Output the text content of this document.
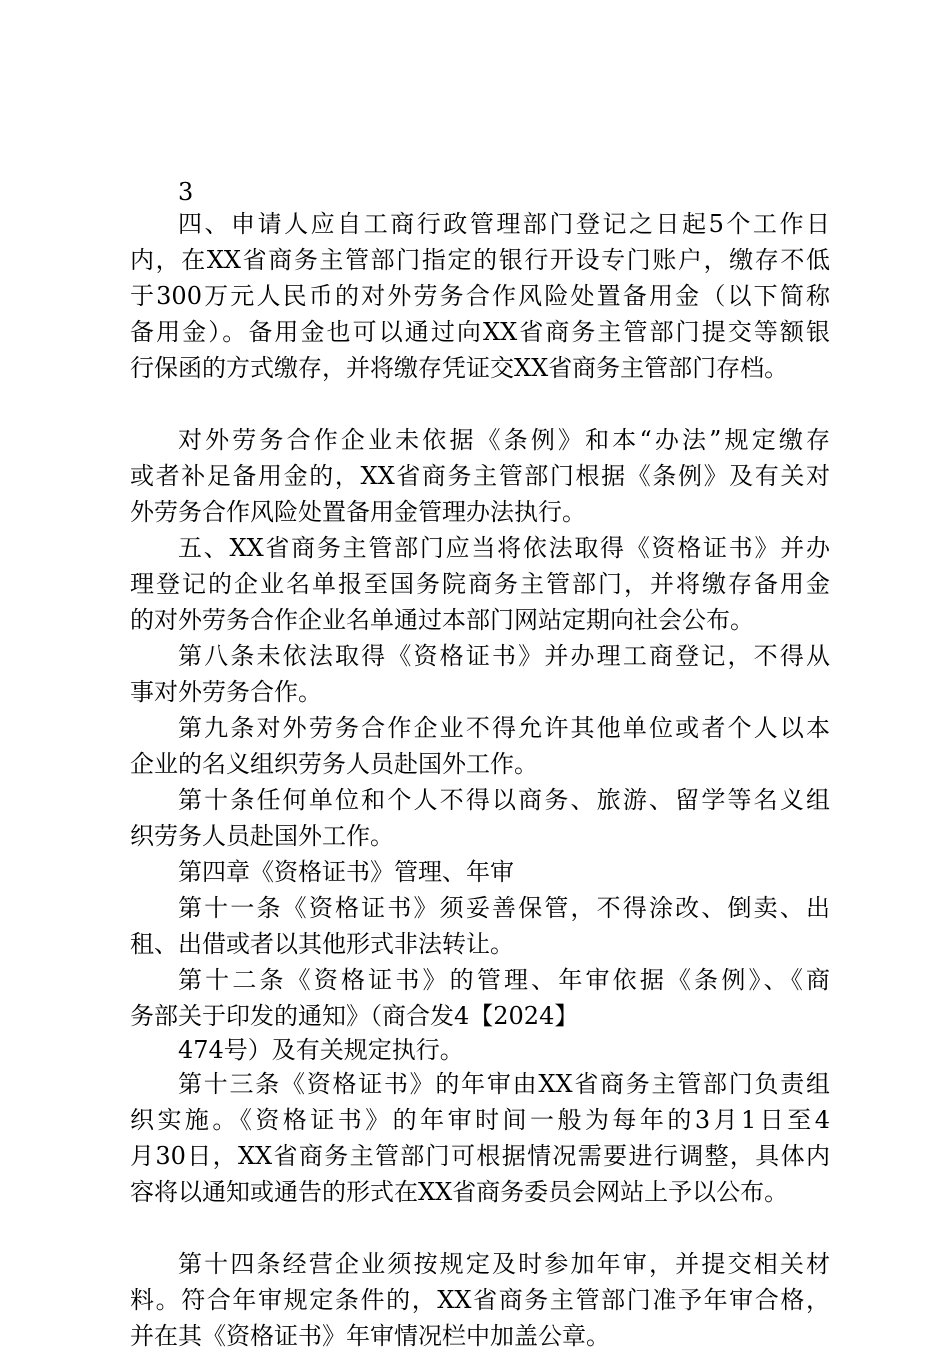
3
四、申请人应自工商行政管理部门登记之日起5个工作日
内，在XX省商务主管部门指定的银行开设专门账户，缴存不低
于300万元人民币的对外劳务合作风险处置备用金（以下简称
备用金）。备用金也可以通过向XX省商务主管部门提交等额银
行保函的方式缴存，并将缴存凭证交XX省商务主管部门存档。
对外劳务合作企业未依据《条例》和本“办法”规定缴存
或者补足备用金的，XX省商务主管部门根据《条例》及有关对
外劳务合作风险处置备用金管理办法执行。
五、XX省商务主管部门应当将依法取得《资格证书》并办
理登记的企业名单报至国务院商务主管部门，并将缴存备用金
的对外劳务合作企业名单通过本部门网站定期向社会公布。
第八条未依法取得《资格证书》并办理工商登记，不得从
事对外劳务合作。
第九条对外劳务合作企业不得允许其他单位或者个人以本
企业的名义组织劳务人员赴国外工作。
第十条任何单位和个人不得以商务、旅游、留学等名义组
织劳务人员赴国外工作。
第四章《资格证书》管理、年审
第十一条《资格证书》须妥善保管，不得涂改、倒卖、出
租、出借或者以其他形式非法转让。
第十二条《资格证书》的管理、年审依据《条例》、《商
务部关于印发的通知》（商合发4【2024】
474号）及有关规定执行。
第十三条《资格证书》的年审由XX省商务主管部门负责组
织实施。《资格证书》的年审时间一般为每年的3月1日至4
月30日，XX省商务主管部门可根据情况需要进行调整，具体内
容将以通知或通告的形式在XX省商务委员会网站上予以公布。
第十四条经营企业须按规定及时参加年审，并提交相关材
料。符合年审规定条件的，XX省商务主管部门准予年审合格，
并在其《资格证书》年审情况栏中加盖公章。
